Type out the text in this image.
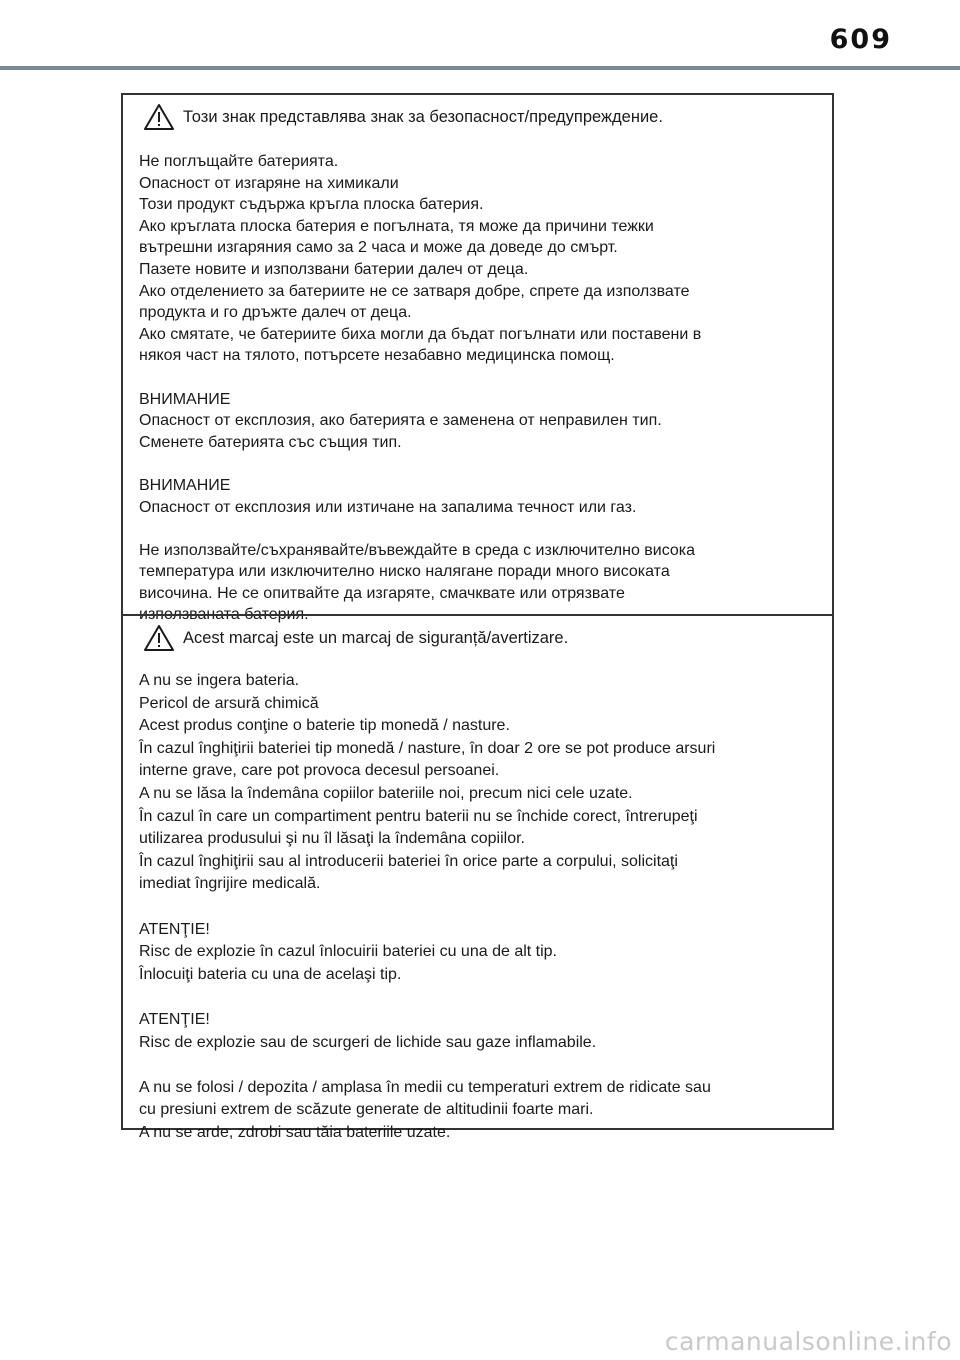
609
Този знак представлява знак за безопасност/предупреждение.
Не поглъщайте батерията.
Опасност от изгаряне на химикали
Този продукт съдържа кръгла плоска батерия.
Ако кръглата плоска батерия е погълната, тя може да причини тежки
вътрешни изгаряния само за 2 часа и може да доведе до смърт.
Пазете новите и използвани батерии далеч от деца.
Ако отделението за батериите не се затваря добре, спрете да използвате
продукта и го дръжте далеч от деца.
Ако смятате, че батериите биха могли да бъдат погълнати или поставени в
някоя част на тялото, потърсете незабавно медицинска помощ.
ВНИМАНИЕ
Опасност от експлозия, ако батерията е заменена от неправилен тип.
Сменете батерията със същия тип.
ВНИМАНИЕ
Опасност от експлозия или изтичане на запалима течност или газ.
Не използвайте/съхранявайте/въвеждайте в среда с изключително висока
температура или изключително ниско налягане поради много високата
височина. Не се опитвайте да изгаряте, смачквате или отрязвате
използваната батерия.
Acest marcaj este un marcaj de siguranță/avertizare.
A nu se ingera bateria.
Pericol de arsură chimică
Acest produs conţine o baterie tip monedă / nasture.
În cazul înghiţirii bateriei tip monedă / nasture, în doar 2 ore se pot produce arsuri
interne grave, care pot provoca decesul persoanei.
A nu se lăsa la îndemâna copiilor bateriile noi, precum nici cele uzate.
În cazul în care un compartiment pentru baterii nu se închide corect, întrerupeţi
utilizarea produsului şi nu îl lăsaţi la îndemâna copiilor.
În cazul înghiţirii sau al introducerii bateriei în orice parte a corpului, solicitaţi
imediat îngrijire medicală.
ATENŢIE!
Risc de explozie în cazul înlocuirii bateriei cu una de alt tip.
Înlocuiţi bateria cu una de acelaşi tip.
ATENŢIE!
Risc de explozie sau de scurgeri de lichide sau gaze inflamabile.
A nu se folosi / depozita / amplasa în medii cu temperaturi extrem de ridicate sau
cu presiuni extrem de scăzute generate de altitudinii foarte mari.
A nu se arde, zdrobi sau tăia bateriile uzate.
carmanualsonline.info
